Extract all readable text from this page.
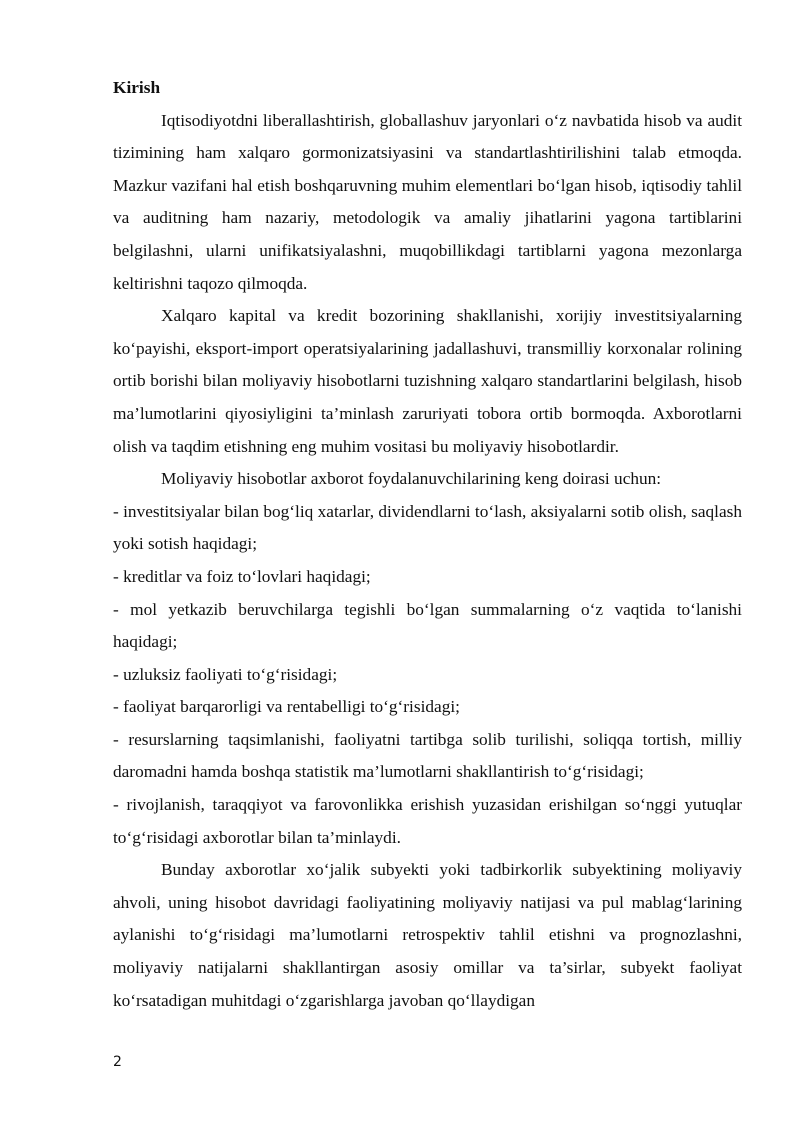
Kirish

Iqtisodiyotdni liberallashtirish, globallashuv jaryonlari o‘z navbatida hisob va audit tizimining ham xalqaro gormonizatsiyasini va standartlashtirilishini talab etmoqda. Mazkur vazifani hal etish boshqaruvning muhim elementlari bo‘lgan hisob, iqtisodiy tahlil va auditning ham nazariy, metodologik va amaliy jihatlarini yagona tartiblarini belgilashni, ularni unifikatsiyalashni, muqobillikdagi tartiblarni yagona mezonlarga keltirishni taqozo qilmoqda.

Xalqaro kapital va kredit bozorining shakllanishi, xorijiy investitsiyalarning ko‘payishi, eksport-import operatsiyalarining jadallashuvi, transmilliy korxonalar rolining ortib borishi bilan moliyaviy hisobotlarni tuzishning xalqaro standartlarini belgilash, hisob ma’lumotlarini qiyosiyligini ta’minlash zaruriyati tobora ortib bormoqda. Axborotlarni olish va taqdim etishning eng muhim vositasi bu moliyaviy hisobotlardir.

Moliyaviy hisobotlar axborot foydalanuvchilarining keng doirasi uchun:

- investitsiyalar bilan bog‘liq xatarlar, dividendlarni to‘lash, aksiyalarni sotib olish, saqlash yoki sotish haqidagi;

- kreditlar va foiz to‘lovlari haqidagi;

- mol yetkazib beruvchilarga tegishli bo‘lgan summalarning o‘z vaqtida to‘lanishi haqidagi;

- uzluksiz faoliyati to‘g‘risidagi;

- faoliyat barqarorligi va rentabelligi to‘g‘risidagi;

- resurslarning taqsimlanishi, faoliyatni tartibga solib turilishi, soliqqa tortish, milliy daromadni hamda boshqa statistik ma’lumotlarni shakllantirish to‘g‘risidagi;

- rivojlanish, taraqqiyot va farovonlikka erishish yuzasidan erishilgan so‘nggi yutuqlar to‘g‘risidagi axborotlar bilan ta’minlaydi.

Bunday axborotlar xo‘jalik subyekti yoki tadbirkorlik subyektining moliyaviy ahvoli, uning hisobot davridagi faoliyatining moliyaviy natijasi va pul mablag‘larining aylanishi to‘g‘risidagi ma’lumotlarni retrospektiv tahlil etishni va prognozlashni, moliyaviy natijalarni shakllantirgan asosiy omillar va ta’sirlar, subyekt faoliyat ko‘rsatadigan muhitdagi o‘zgarishlarga javoban qo‘llaydigan

2
